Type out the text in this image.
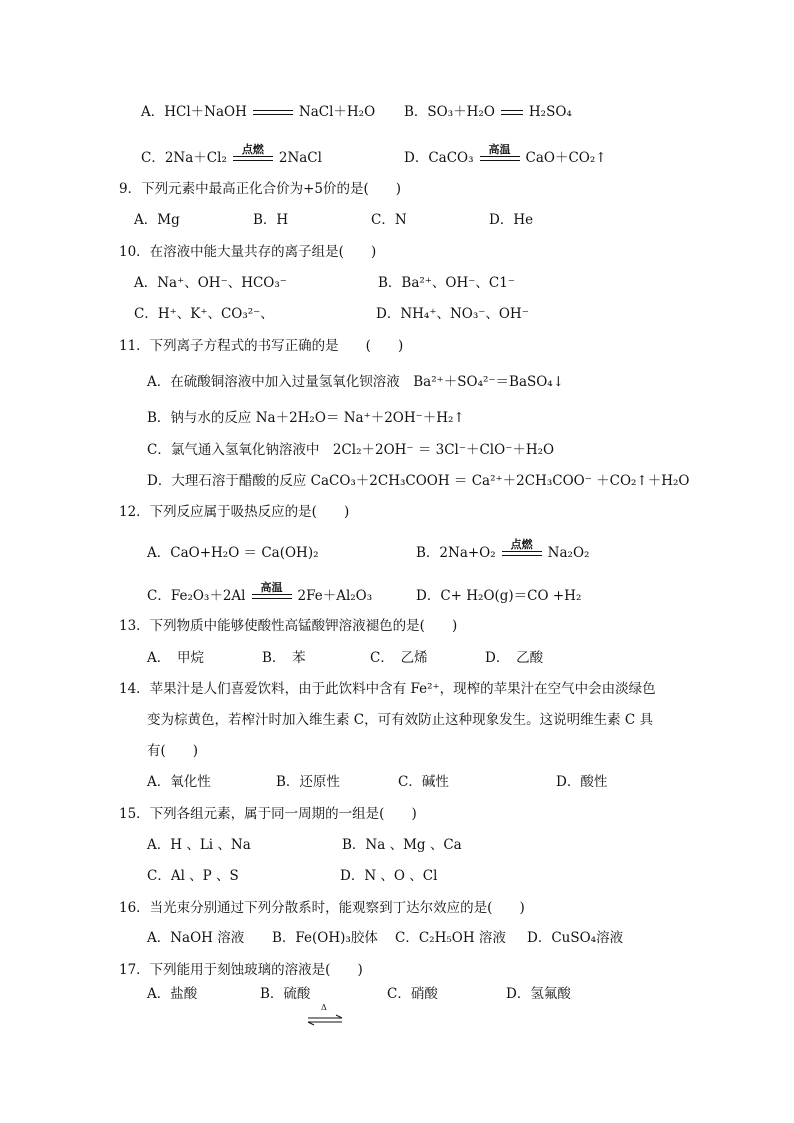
A．HCl＋NaOH	NaCl＋H₂O B．SO₃＋H₂O	H₂SO₄
C．2Na＋Cl₂
点燃
2NaCl	D．CaCO₃
高温
CaO＋CO₂↑
9．下列元素中最高正化合价为+5价的是(　　)
A．Mg	B．H	C．N	D．He
10．在溶液中能大量共存的离子组是(　　)
A．Na⁺、OH⁻、HCO₃⁻	B．Ba²⁺、OH⁻、C1⁻
C．H⁺、K⁺、CO₃²⁻、	D．NH₄⁺、NO₃⁻、OH⁻
11．下列离子方程式的书写正确的是　　(　　)
A．在硫酸铜溶液中加入过量氢氧化钡溶液　Ba²⁺＋SO₄²⁻＝BaSO₄↓
B．钠与水的反应 Na＋2H₂O＝ Na⁺＋2OH⁻＋H₂↑
C．氯气通入氢氧化钠溶液中　2Cl₂＋2OH⁻ ＝ 3Cl⁻＋ClO⁻＋H₂O
D．大理石溶于醋酸的反应 CaCO₃＋2CH₃COOH ＝ Ca²⁺＋2CH₃COO⁻ ＋CO₂↑＋H₂O
12．下列反应属于吸热反应的是(　　)
A．CaO+H₂O ＝ Ca(OH)₂	B．2Na+O₂
点燃
Na₂O₂
C．Fe₂O₃＋2Al
高温
2Fe＋Al₂O₃	D．C+ H₂O(g)＝CO +H₂
13．下列物质中能够使酸性高锰酸钾溶液褪色的是(　　)
A．　甲烷	B．　苯	C．　乙烯	D．　乙酸
14．苹果汁是人们喜爱饮料，由于此饮料中含有 Fe²⁺，现榨的苹果汁在空气中会由淡绿色
变为棕黄色，若榨汁时加入维生素 C，可有效防止这种现象发生。这说明维生素 C 具
有(　　)
A．氧化性	B．还原性	C．碱性	D．酸性
15．下列各组元素，属于同一周期的一组是(　　)
A．H 、Li 、Na	B．Na 、Mg 、Ca
C．Al 、P 、S	D．N 、O 、Cl
16．当光束分别通过下列分散系时，能观察到丁达尔效应的是(　　)
A．NaOH 溶液 B．Fe(OH)₃胶体 C．C₂H₅OH 溶液 D．CuSO₄溶液
17．下列能用于刻蚀玻璃的溶液是(　　)
A．盐酸	B．硫酸	C．硝酸	D．氢氟酸
Δ
